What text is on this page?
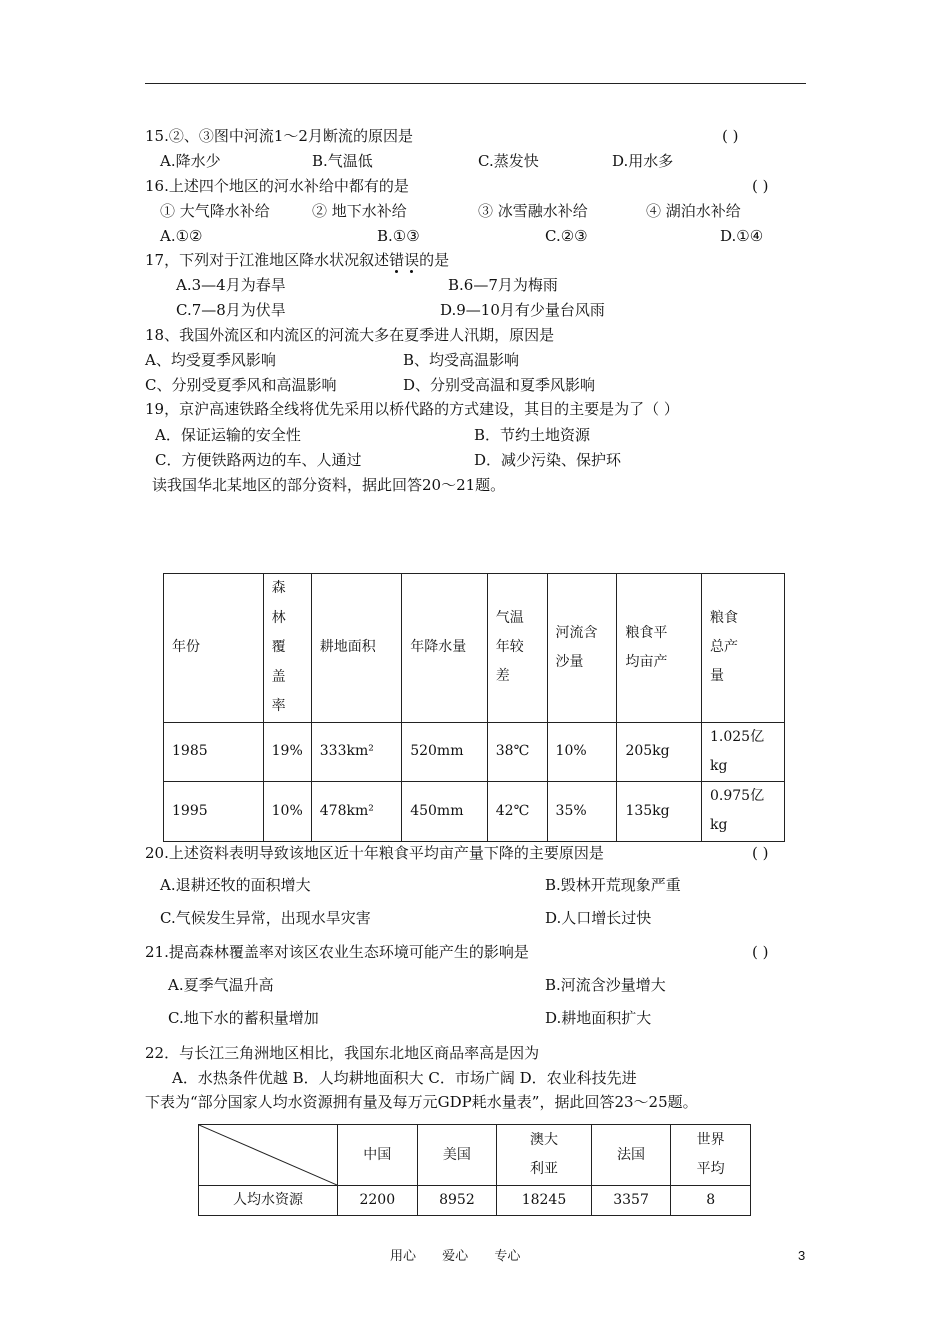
15.②、③图中河流1～2月断流的原因是	( )
A.降水少	B.气温低	C.蒸发快	D.用水多
16.上述四个地区的河水补给中都有的是	( )
① 大气降水补给	② 地下水补给	③ 冰雪融水补给	④ 湖泊水补给
A.①②	B.①③	C.②③	D.①④
17，下列对于江淮地区降水状况叙述错误的是
A.3—4月为春旱	B.6—7月为梅雨
C.7—8月为伏旱	D.9—10月有少量台风雨
18、我国外流区和内流区的河流大多在夏季进人汛期，原因是
A、均受夏季风影响	B、均受高温影响
C、分别受夏季风和高温影响	D、分别受高温和夏季风影响
19，京沪高速铁路全线将优先采用以桥代路的方式建设，其目的主要是为了（ ）
A．保证运输的安全性	B．节约土地资源
C．方便铁路两边的车、人通过	D．减少污染、保护环
读我国华北某地区的部分资料，据此回答20～21题。
年份	森林覆盖率	耕地面积	年降水量	气温年较差	河流含沙量	粮食平均亩产	粮食总产量

1985	19%	333km²	520mm	38℃	10%	205kg	1.025亿kg

1995	10%	478km²	450mm	42℃	35%	135kg	0.975亿kg
20.上述资料表明导致该地区近十年粮食平均亩产量下降的主要原因是	( )
A.退耕还牧的面积增大	B.毁林开荒现象严重
C.气候发生异常，出现水旱灾害	D.人口增长过快
21.提高森林覆盖率对该区农业生态环境可能产生的影响是	( )
A.夏季气温升高	B.河流含沙量增大
C.地下水的蓄积量增加	D.耕地面积扩大
22．与长江三角洲地区相比，我国东北地区商品率高是因为
A．水热条件优越 B．人均耕地面积大 C．市场广阔 D．农业科技先进
下表为“部分国家人均水资源拥有量及每万元GDP耗水量表”，据此回答23～25题。
	中国	美国	澳大利亚	法国	世界平均

人均水资源	2200	8952	18245	3357	8
用心 爱心 专心	3
